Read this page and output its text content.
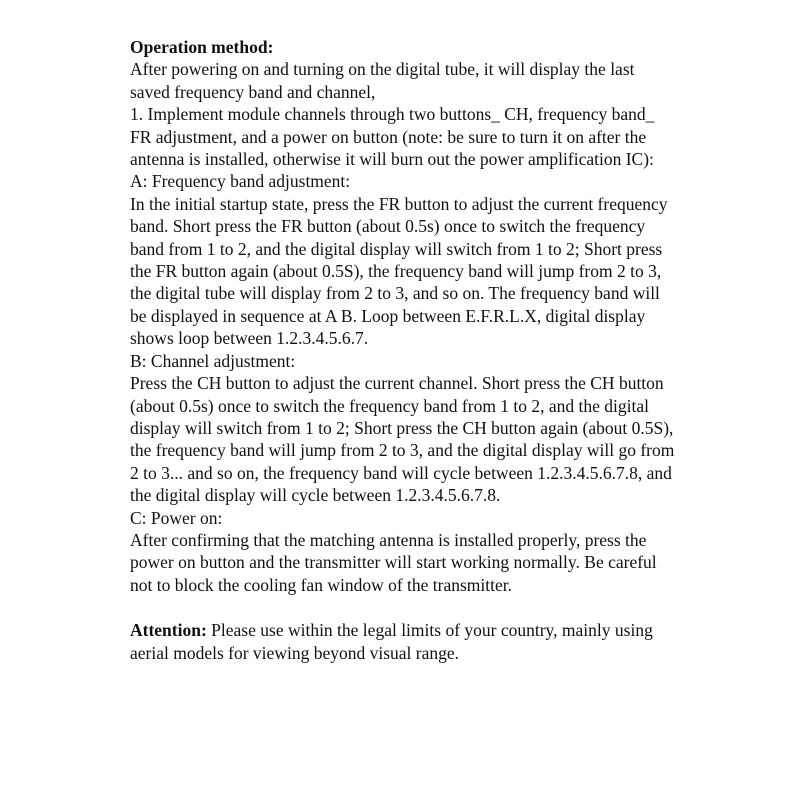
Operation method:

After powering on and turning on the digital tube, it will display the last saved frequency band and channel,

1. Implement module channels through two buttons_ CH, frequency band_ FR adjustment, and a power on button (note: be sure to turn it on after the antenna is installed, otherwise it will burn out the power amplification IC):

A: Frequency band adjustment:

In the initial startup state, press the FR button to adjust the current frequency band. Short press the FR button (about 0.5s) once to switch the frequency band from 1 to 2, and the digital display will switch from 1 to 2; Short press the FR button again (about 0.5S), the frequency band will jump from 2 to 3, the digital tube will display from 2 to 3, and so on. The frequency band will be displayed in sequence at A B. Loop between E.F.R.L.X, digital display shows loop between 1.2.3.4.5.6.7.

B: Channel adjustment:

Press the CH button to adjust the current channel. Short press the CH button (about 0.5s) once to switch the frequency band from 1 to 2, and the digital display will switch from 1 to 2; Short press the CH button again (about 0.5S), the frequency band will jump from 2 to 3, and the digital display will go from 2 to 3... and so on, the frequency band will cycle between 1.2.3.4.5.6.7.8, and the digital display will cycle between 1.2.3.4.5.6.7.8.

C: Power on:

After confirming that the matching antenna is installed properly, press the power on button and the transmitter will start working normally. Be careful not to block the cooling fan window of the transmitter.

Attention: Please use within the legal limits of your country, mainly using aerial models for viewing beyond visual range.
